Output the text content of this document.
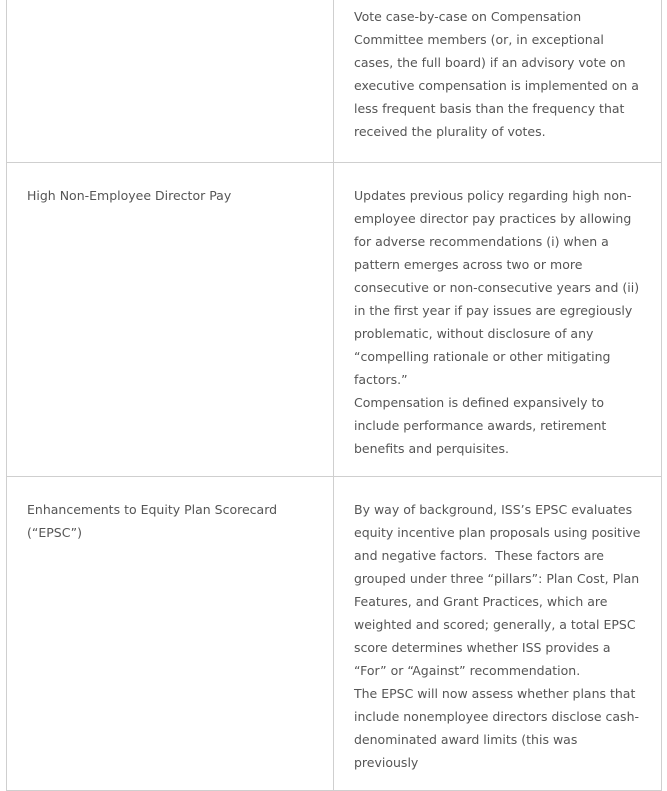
	Vote case-by-case on Compensation Committee members (or, in exceptional cases, the full board) if an advisory vote on executive compensation is implemented on a less frequent basis than the frequency that received the plurality of votes.

High Non-Employee Director Pay	Updates previous policy regarding high non-employee director pay practices by allowing for adverse recommendations (i) when a pattern emerges across two or more consecutive or non-consecutive years and (ii) in the first year if pay issues are egregiously problematic, without disclosure of any “compelling rationale or other mitigating factors.”

Compensation is defined expansively to include performance awards, retirement benefits and perquisites.

Enhancements to Equity Plan Scorecard (“EPSC”)	By way of background, ISS’s EPSC evaluates equity incentive plan proposals using positive and negative factors.  These factors are grouped under three “pillars”: Plan Cost, Plan Features, and Grant Practices, which are weighted and scored; generally, a total EPSC score determines whether ISS provides a “For” or “Against” recommendation.

The EPSC will now assess whether plans that include nonemployee directors disclose cash-denominated award limits (this was previously
